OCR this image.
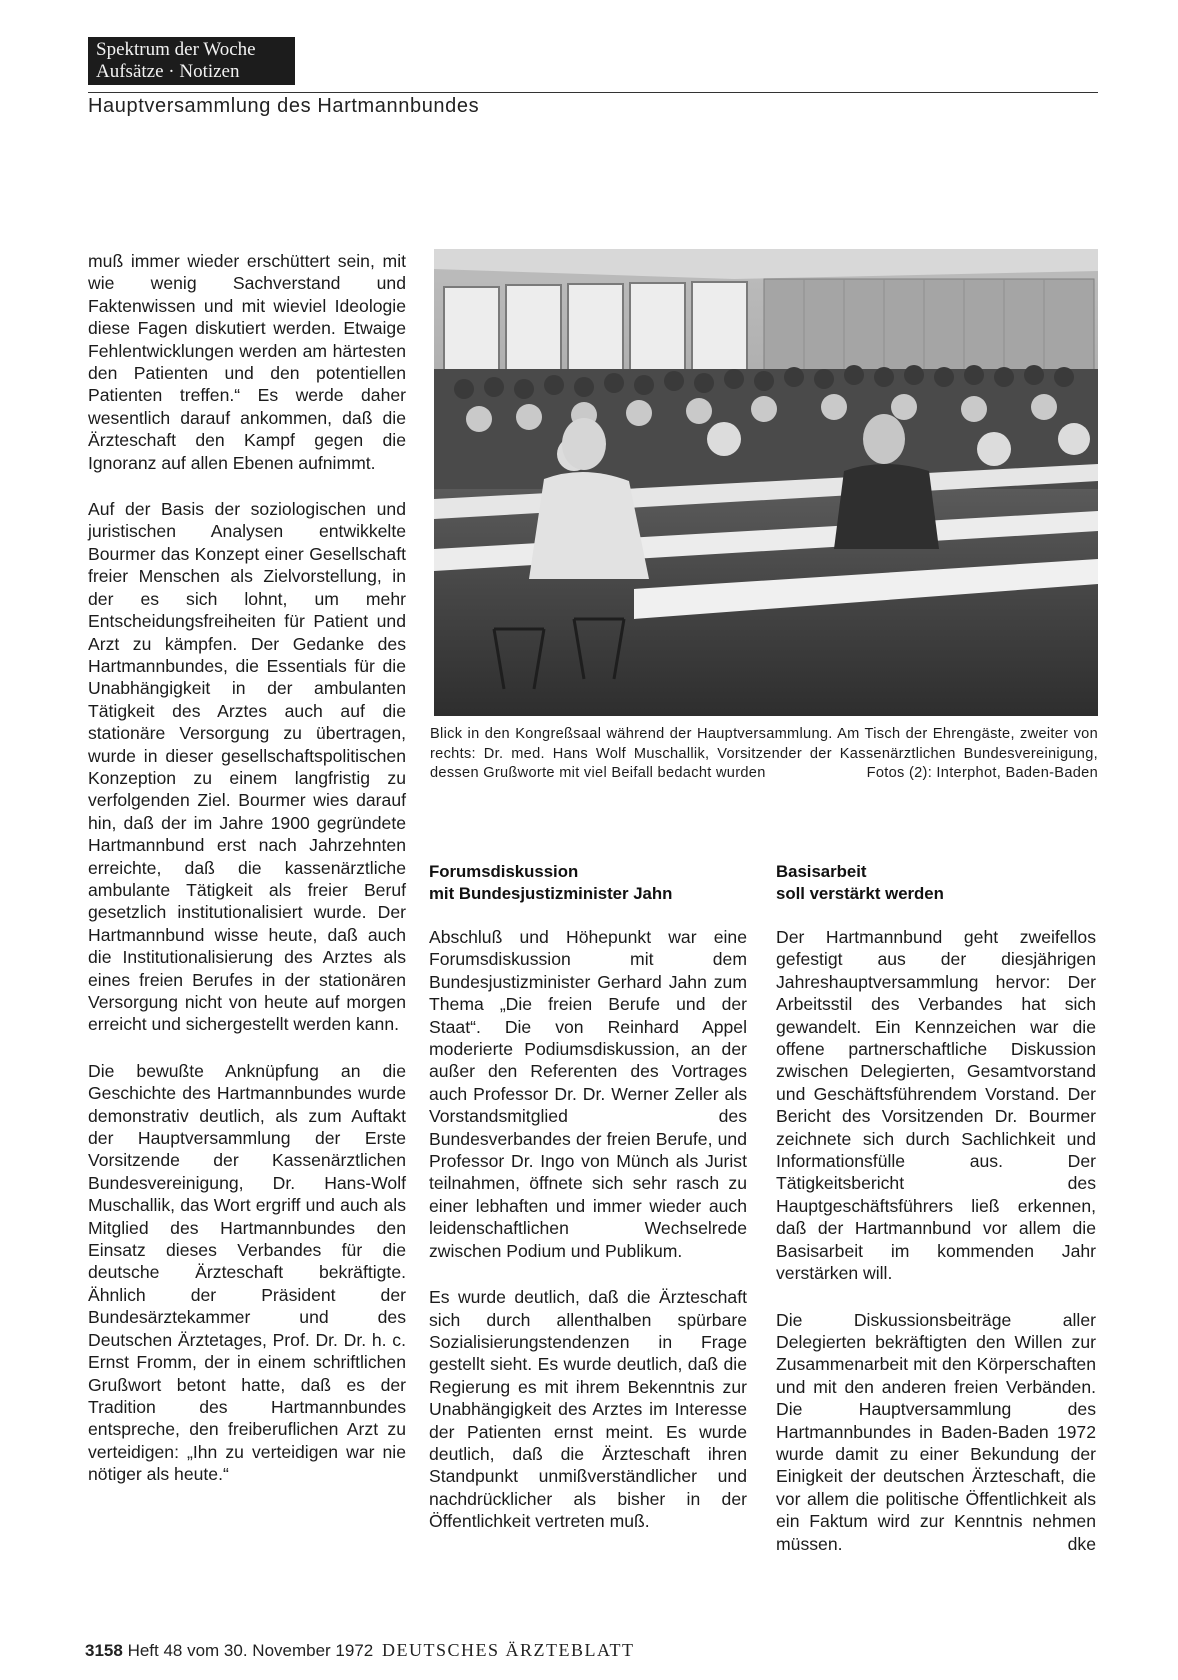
Spektrum der Woche
Aufsätze · Notizen
Hauptversammlung des Hartmannbundes

muß immer wieder erschüttert sein, mit wie wenig Sachverstand und Faktenwissen und mit wieviel Ideologie diese Fagen diskutiert werden. Etwaige Fehlentwicklungen werden am härtesten den Patienten und den potentiellen Patienten treffen.“ Es werde daher wesentlich darauf ankommen, daß die Ärzteschaft den Kampf gegen die Ignoranz auf allen Ebenen aufnimmt.

Auf der Basis der soziologischen und juristischen Analysen entwikkelte Bourmer das Konzept einer Gesellschaft freier Menschen als Zielvorstellung, in der es sich lohnt, um mehr Entscheidungsfreiheiten für Patient und Arzt zu kämpfen. Der Gedanke des Hartmannbundes, die Essentials für die Unabhängigkeit in der ambulanten Tätigkeit des Arztes auch auf die stationäre Versorgung zu übertragen, wurde in dieser gesellschaftspolitischen Konzeption zu einem langfristig zu verfolgenden Ziel. Bourmer wies darauf hin, daß der im Jahre 1900 gegründete Hartmannbund erst nach Jahrzehnten erreichte, daß die kassenärztliche ambulante Tätigkeit als freier Beruf gesetzlich institutionalisiert wurde. Der Hartmannbund wisse heute, daß auch die Institutionalisierung des Arztes als eines freien Berufes in der stationären Versorgung nicht von heute auf morgen erreicht und sichergestellt werden kann.

Die bewußte Anknüpfung an die Geschichte des Hartmannbundes wurde demonstrativ deutlich, als zum Auftakt der Hauptversammlung der Erste Vorsitzende der Kassenärztlichen Bundesvereinigung, Dr. Hans-Wolf Muschallik, das Wort ergriff und auch als Mitglied des Hartmannbundes den Einsatz dieses Verbandes für die deutsche Ärzteschaft bekräftigte. Ähnlich der Präsident der Bundesärztekammer und des Deutschen Ärztetages, Prof. Dr. Dr. h. c. Ernst Fromm, der in einem schriftlichen Grußwort betont hatte, daß es der Tradition des Hartmannbundes entspreche, den freiberuflichen Arzt zu verteidigen: „Ihn zu verteidigen war nie nötiger als heute.“

Blick in den Kongreßsaal während der Hauptversammlung. Am Tisch der Ehrengäste, zweiter von rechts: Dr. med. Hans Wolf Muschallik, Vorsitzender der Kassenärztlichen Bundesvereinigung, dessen Grußworte mit viel Beifall bedacht wurden	Fotos (2): Interphot, Baden-Baden
Forumsdiskussion
mit Bundesjustizminister Jahn

Abschluß und Höhepunkt war eine Forumsdiskussion mit dem Bundesjustizminister Gerhard Jahn zum Thema „Die freien Berufe und der Staat“. Die von Reinhard Appel moderierte Podiumsdiskussion, an der außer den Referenten des Vortrages auch Professor Dr. Dr. Werner Zeller als Vorstandsmitglied des Bundesverbandes der freien Berufe, und Professor Dr. Ingo von Münch als Jurist teilnahmen, öffnete sich sehr rasch zu einer lebhaften und immer wieder auch leidenschaftlichen Wechselrede zwischen Podium und Publikum.

Es wurde deutlich, daß die Ärzteschaft sich durch allenthalben spürbare Sozialisierungstendenzen in Frage gestellt sieht. Es wurde deutlich, daß die Regierung es mit ihrem Bekenntnis zur Unabhängigkeit des Arztes im Interesse der Patienten ernst meint. Es wurde deutlich, daß die Ärzteschaft ihren Standpunkt unmißverständlicher und nachdrücklicher als bisher in der Öffentlichkeit vertreten muß.

Basisarbeit
soll verstärkt werden

Der Hartmannbund geht zweifellos gefestigt aus der diesjährigen Jahreshauptversammlung hervor: Der Arbeitsstil des Verbandes hat sich gewandelt. Ein Kennzeichen war die offene partnerschaftliche Diskussion zwischen Delegierten, Gesamtvorstand und Geschäftsführendem Vorstand. Der Bericht des Vorsitzenden Dr. Bourmer zeichnete sich durch Sachlichkeit und Informationsfülle aus. Der Tätigkeitsbericht des Hauptgeschäftsführers ließ erkennen, daß der Hartmannbund vor allem die Basisarbeit im kommenden Jahr verstärken will.

Die Diskussionsbeiträge aller Delegierten bekräftigten den Willen zur Zusammenarbeit mit den Körperschaften und mit den anderen freien Verbänden. Die Hauptversammlung des Hartmannbundes in Baden-Baden 1972 wurde damit zu einer Bekundung der Einigkeit der deutschen Ärzteschaft, die vor allem die politische Öffentlichkeit als ein Faktum wird zur Kenntnis nehmen müssen.	dke
3158 Heft 48 vom 30. November 1972 DEUTSCHES ÄRZTEBLATT
